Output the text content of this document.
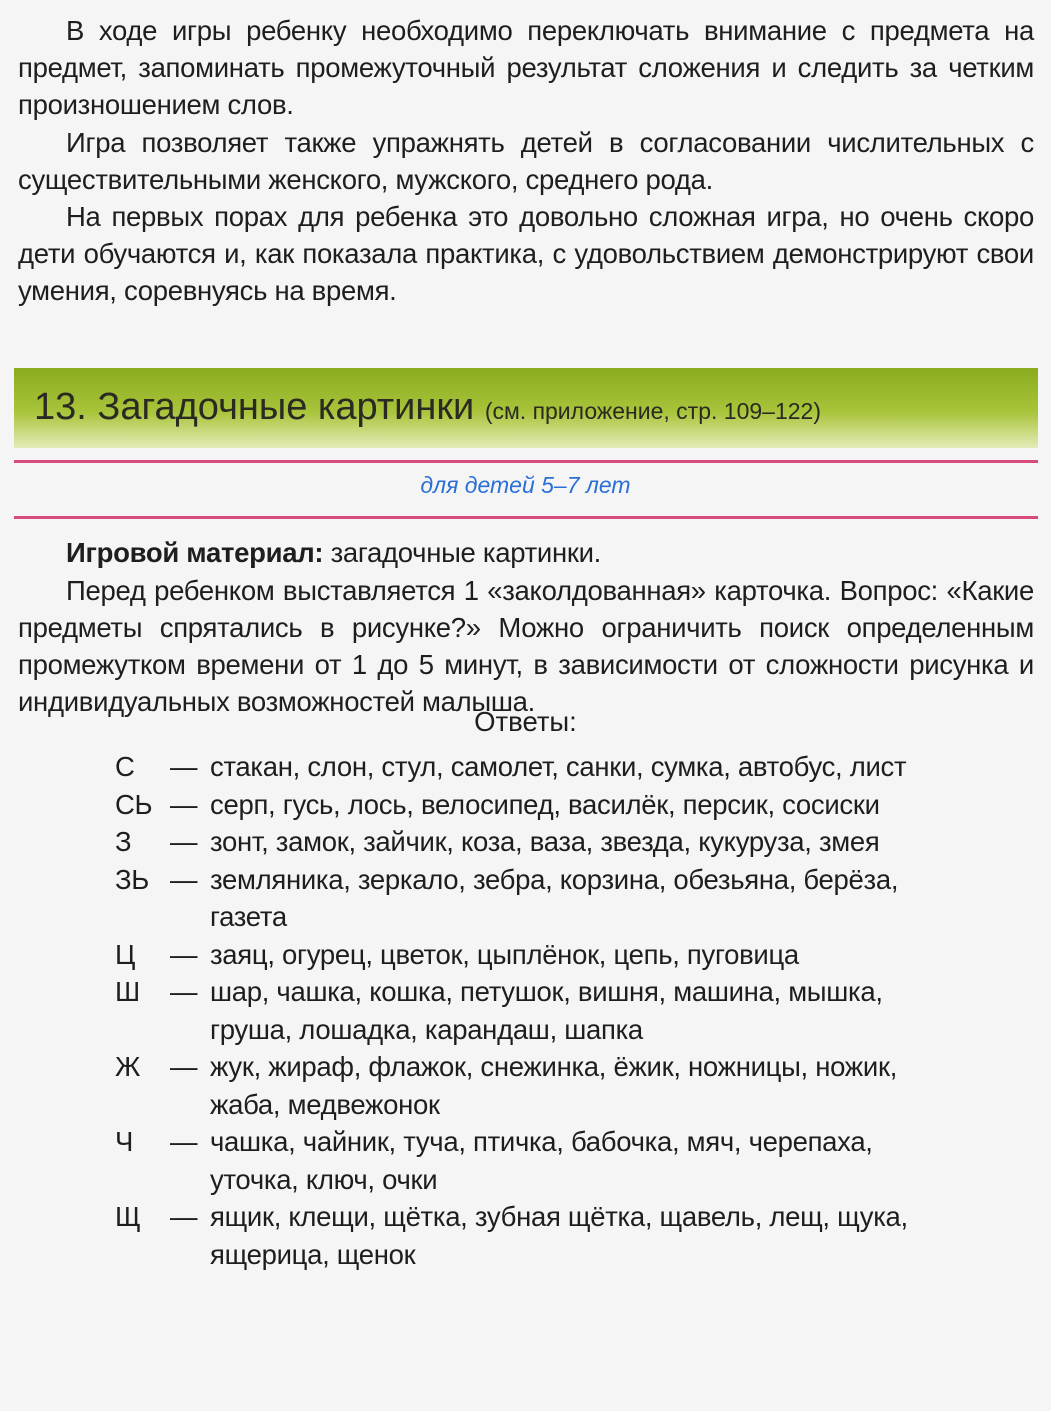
В ходе игры ребенку необходимо переключать внимание с предмета на предмет, запоминать промежуточный результат сложения и следить за четким произношением слов.
Игра позволяет также упражнять детей в согласовании числительных с существительными женского, мужского, среднего рода.
На первых порах для ребенка это довольно сложная игра, но очень скоро дети обучаются и, как показала практика, с удовольствием демонстрируют свои умения, соревнуясь на время.
13. Загадочные картинки (см. приложение, стр. 109–122)
для детей 5–7 лет
Игровой материал: загадочные картинки.
Перед ребенком выставляется 1 «заколдованная» карточка. Вопрос: «Какие предметы спрятались в рисунке?» Можно ограничить поиск определенным промежутком времени от 1 до 5 минут, в зависимости от сложности рисунка и индивидуальных возможностей малыша.
Ответы:
С	— стакан, слон, стул, самолет, санки, сумка, автобус, лист
СЬ — серп, гусь, лось, велосипед, василёк, персик, сосиски
З	— зонт, замок, зайчик, коза, ваза, звезда, кукуруза, змея
ЗЬ — земляника, зеркало, зебра, корзина, обезьяна, берёза, газета
Ц	— заяц, огурец, цветок, цыплёнок, цепь, пуговица
Ш	— шар, чашка, кошка, петушок, вишня, машина, мышка, груша, лошадка, карандаш, шапка
Ж	— жук, жираф, флажок, снежинка, ёжик, ножницы, ножик, жаба, медвежонок
Ч	— чашка, чайник, туча, птичка, бабочка, мяч, черепаха, уточка, ключ, очки
Щ	— ящик, клещи, щётка, зубная щётка, щавель, лещ, щука, ящерица, щенок
